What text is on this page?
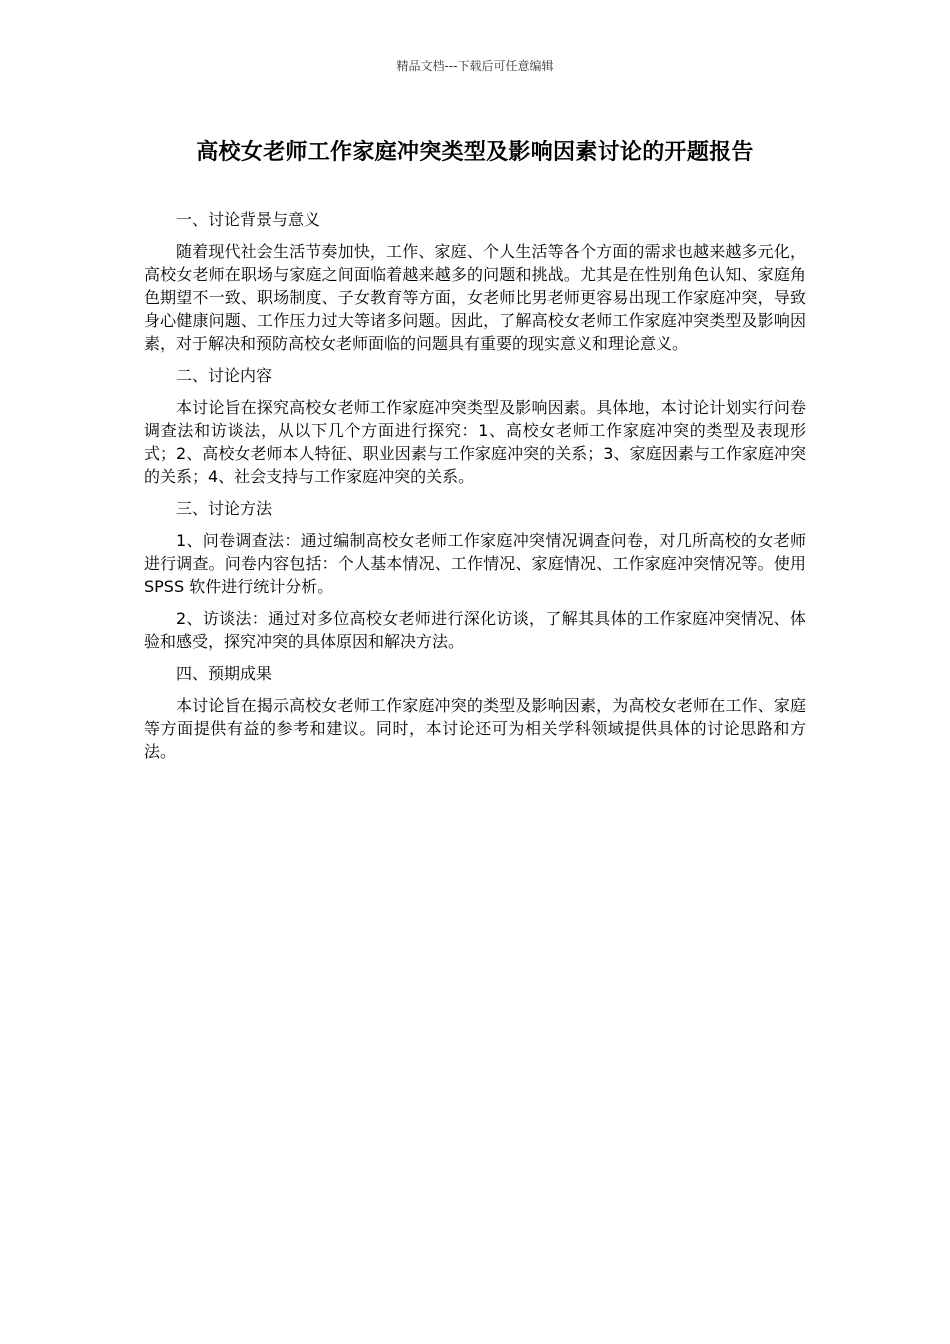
精品文档---下载后可任意编辑
高校女老师工作家庭冲突类型及影响因素讨论的开题报告

一、讨论背景与意义

随着现代社会生活节奏加快，工作、家庭、个人生活等各个方面的需求也越来越多元化，高校女老师在职场与家庭之间面临着越来越多的问题和挑战。尤其是在性别角色认知、家庭角色期望不一致、职场制度、子女教育等方面，女老师比男老师更容易出现工作家庭冲突，导致身心健康问题、工作压力过大等诸多问题。因此，了解高校女老师工作家庭冲突类型及影响因素，对于解决和预防高校女老师面临的问题具有重要的现实意义和理论意义。

二、讨论内容

本讨论旨在探究高校女老师工作家庭冲突类型及影响因素。具体地，本讨论计划实行问卷调查法和访谈法，从以下几个方面进行探究：1、高校女老师工作家庭冲突的类型及表现形式；2、高校女老师本人特征、职业因素与工作家庭冲突的关系；3、家庭因素与工作家庭冲突的关系；4、社会支持与工作家庭冲突的关系。

三、讨论方法

1、问卷调查法：通过编制高校女老师工作家庭冲突情况调查问卷，对几所高校的女老师进行调查。问卷内容包括：个人基本情况、工作情况、家庭情况、工作家庭冲突情况等。使用 SPSS 软件进行统计分析。

2、访谈法：通过对多位高校女老师进行深化访谈，了解其具体的工作家庭冲突情况、体验和感受，探究冲突的具体原因和解决方法。

四、预期成果

本讨论旨在揭示高校女老师工作家庭冲突的类型及影响因素，为高校女老师在工作、家庭等方面提供有益的参考和建议。同时，本讨论还可为相关学科领域提供具体的讨论思路和方法。
